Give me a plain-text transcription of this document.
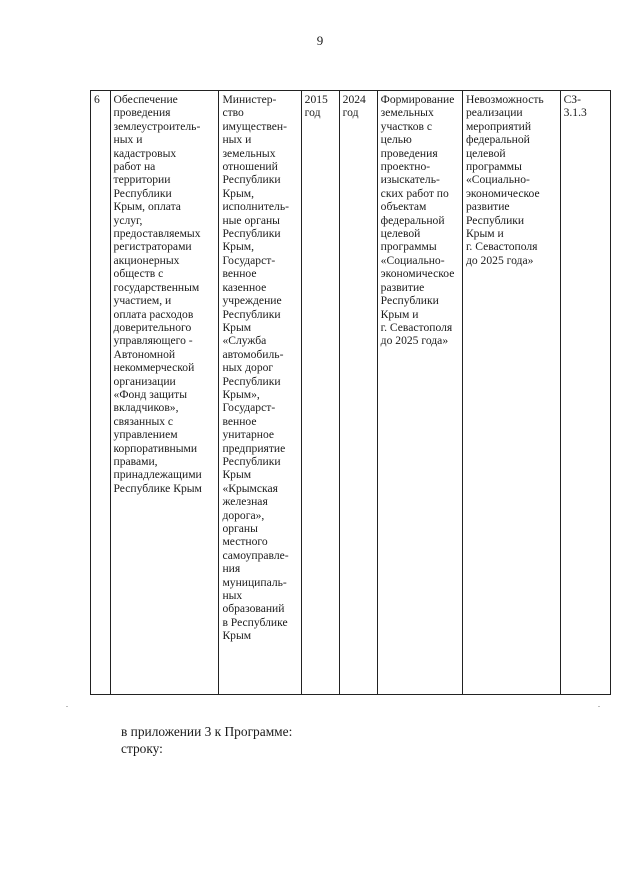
9
6	Обеспечение
проведения
землеустроитель-
ных и
кадастровых
работ на
территории
Республики
Крым, оплата
услуг,
предоставляемых
регистраторами
акционерных
обществ с
государственным
участием, и
оплата расходов
доверительного
управляющего -
Автономной
некоммерческой
организации
«Фонд защиты
вкладчиков»,
связанных с
управлением
корпоративными
правами,
принадлежащими
Республике Крым	Министер-
ство
имуществен-
ных и
земельных
отношений
Республики
Крым,
исполнитель-
ные органы
Республики
Крым,
Государст-
венное
казенное
учреждение
Республики
Крым
«Служба
автомобиль-
ных дорог
Республики
Крым»,
Государст-
венное
унитарное
предприятие
Республики
Крым
«Крымская
железная
дорога»,
органы
местного
самоуправле-
ния
муниципаль-
ных
образований
в Республике
Крым	2015
год	2024
год	Формирование
земельных
участков с
целью
проведения
проектно-
изыскатель-
ских работ по
объектам
федеральной
целевой
программы
«Социально-
экономическое
развитие
Республики
Крым и
г. Севастополя
до 2025 года»	Невозможность
реализации
мероприятий
федеральной
целевой
программы
«Социально-
экономическое
развитие
Республики
Крым и
г. Севастополя
до 2025 года»	СЗ-
3.1.3
в приложении 3 к Программе:
строку:
